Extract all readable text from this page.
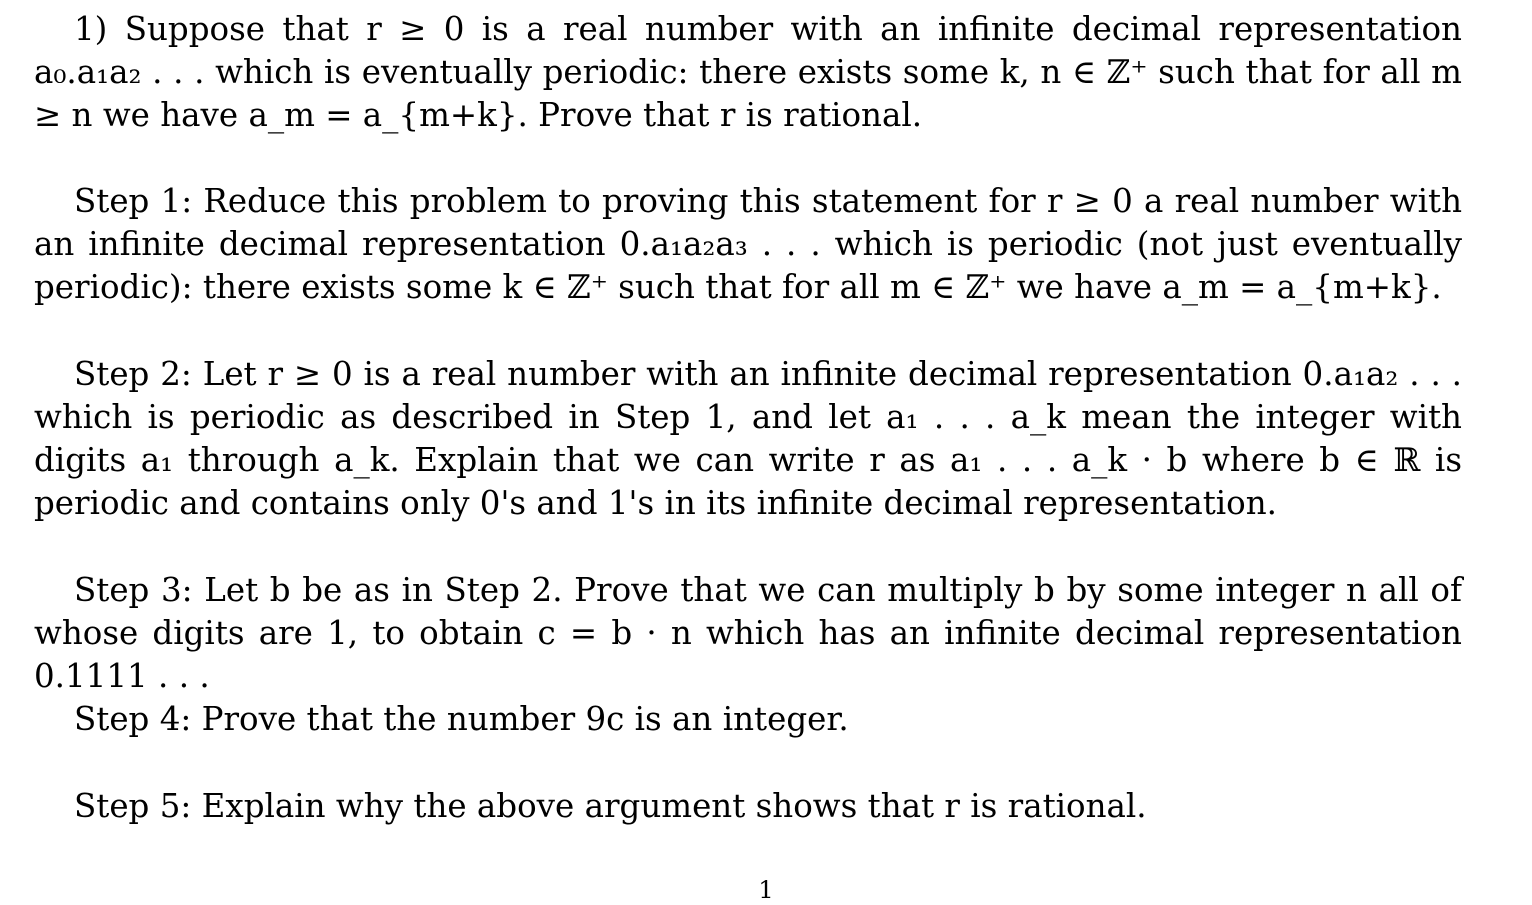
1) Suppose that r ≥ 0 is a real number with an infinite decimal representation a₀.a₁a₂ . . . which is eventually periodic: there exists some k, n ∈ ℤ⁺ such that for all m ≥ n we have a_m = a_{m+k}. Prove that r is rational.

Step 1: Reduce this problem to proving this statement for r ≥ 0 a real number with an infinite decimal representation 0.a₁a₂a₃ . . . which is periodic (not just eventually periodic): there exists some k ∈ ℤ⁺ such that for all m ∈ ℤ⁺ we have a_m = a_{m+k}.

Step 2: Let r ≥ 0 is a real number with an infinite decimal representation 0.a₁a₂ . . . which is periodic as described in Step 1, and let a₁ . . . a_k mean the integer with digits a₁ through a_k. Explain that we can write r as a₁ . . . a_k · b where b ∈ ℝ is periodic and contains only 0's and 1's in its infinite decimal representation.

Step 3: Let b be as in Step 2. Prove that we can multiply b by some integer n all of whose digits are 1, to obtain c = b · n which has an infinite decimal representation 0.1111 . . .

Step 4: Prove that the number 9c is an integer.

Step 5: Explain why the above argument shows that r is rational.

1
